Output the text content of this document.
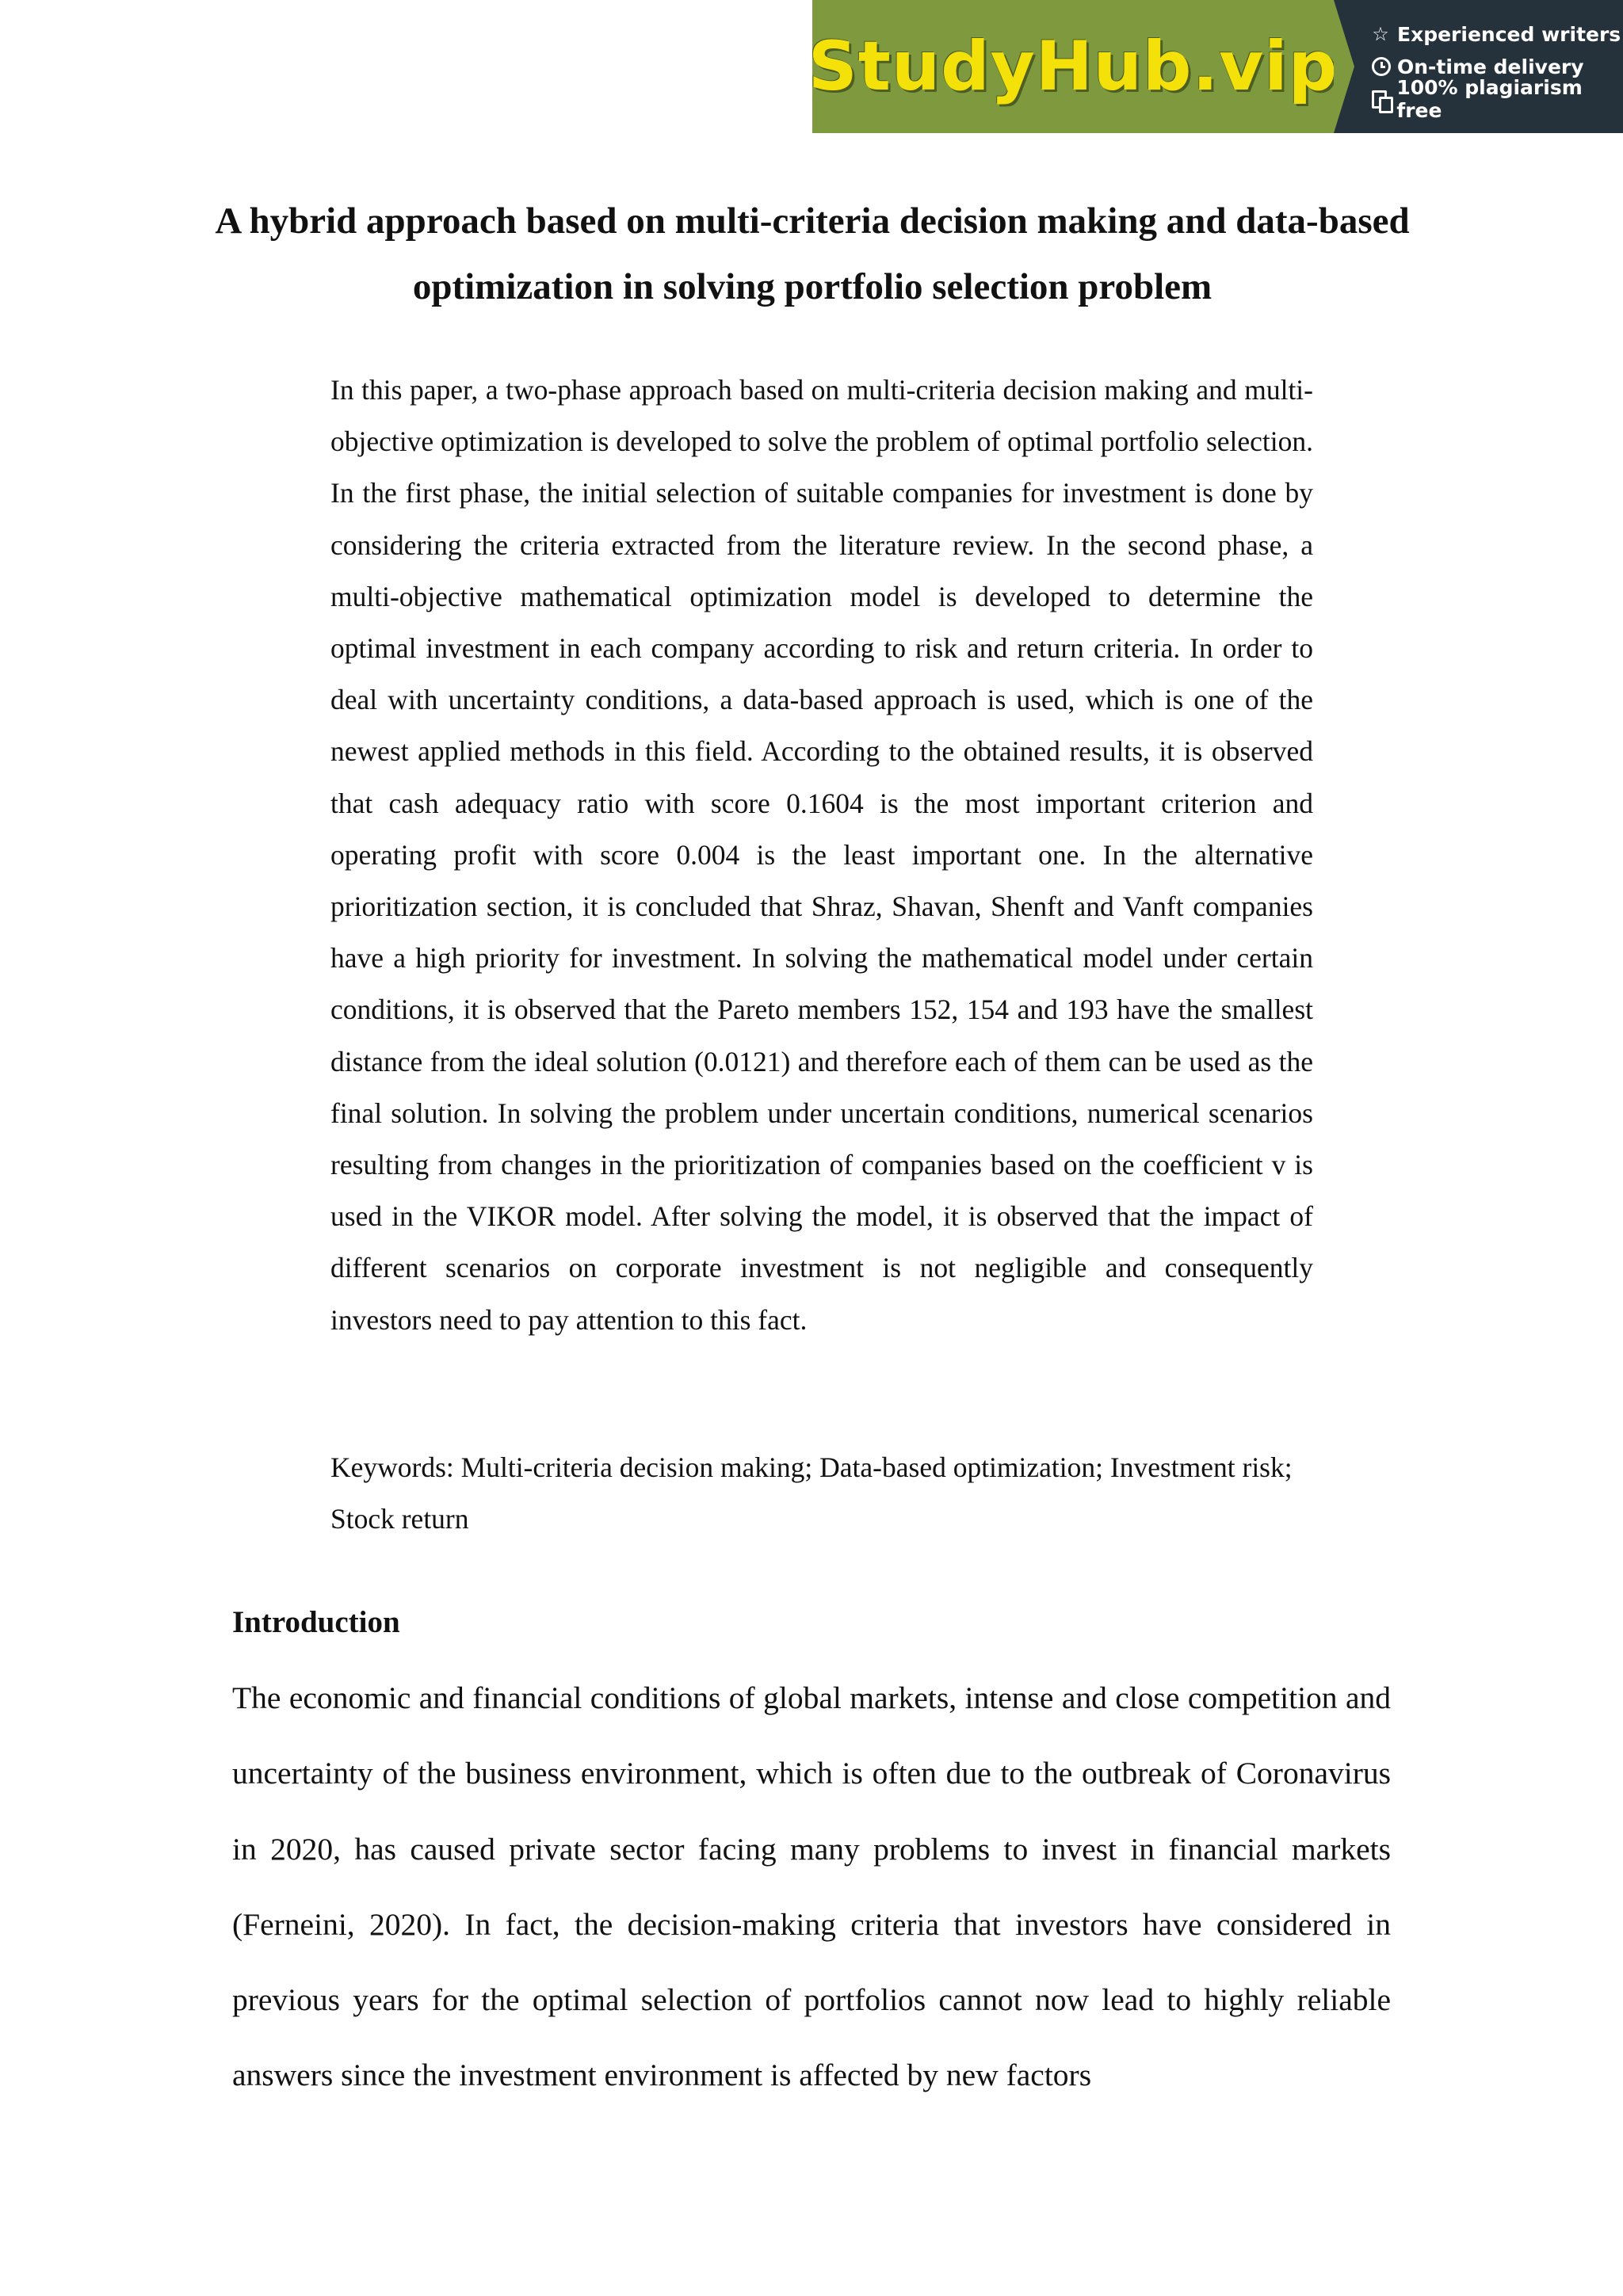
StudyHub.vip ☆ Experienced writers
On-time delivery
100% plagiarism free
A hybrid approach based on multi-criteria decision making and data-based optimization in solving portfolio selection problem

In this paper, a two-phase approach based on multi-criteria decision making and multi-objective optimization is developed to solve the problem of optimal portfolio selection. In the first phase, the initial selection of suitable companies for investment is done by considering the criteria extracted from the literature review. In the second phase, a multi-objective mathematical optimization model is developed to determine the optimal investment in each company according to risk and return criteria. In order to deal with uncertainty conditions, a data-based approach is used, which is one of the newest applied methods in this field. According to the obtained results, it is observed that cash adequacy ratio with score 0.1604 is the most important criterion and operating profit with score 0.004 is the least important one. In the alternative prioritization section, it is concluded that Shraz, Shavan, Shenft and Vanft companies have a high priority for investment. In solving the mathematical model under certain conditions, it is observed that the Pareto members 152, 154 and 193 have the smallest distance from the ideal solution (0.0121) and therefore each of them can be used as the final solution. In solving the problem under uncertain conditions, numerical scenarios resulting from changes in the prioritization of companies based on the coefficient v is used in the VIKOR model. After solving the model, it is observed that the impact of different scenarios on corporate investment is not negligible and consequently investors need to pay attention to this fact.

Keywords: Multi-criteria decision making; Data-based optimization; Investment risk; Stock return

Introduction

The economic and financial conditions of global markets, intense and close competition and uncertainty of the business environment, which is often due to the outbreak of Coronavirus in 2020, has caused private sector facing many problems to invest in financial markets (Ferneini, 2020). In fact, the decision-making criteria that investors have considered in previous years for the optimal selection of portfolios cannot now lead to highly reliable answers since the investment environment is affected by new factors
